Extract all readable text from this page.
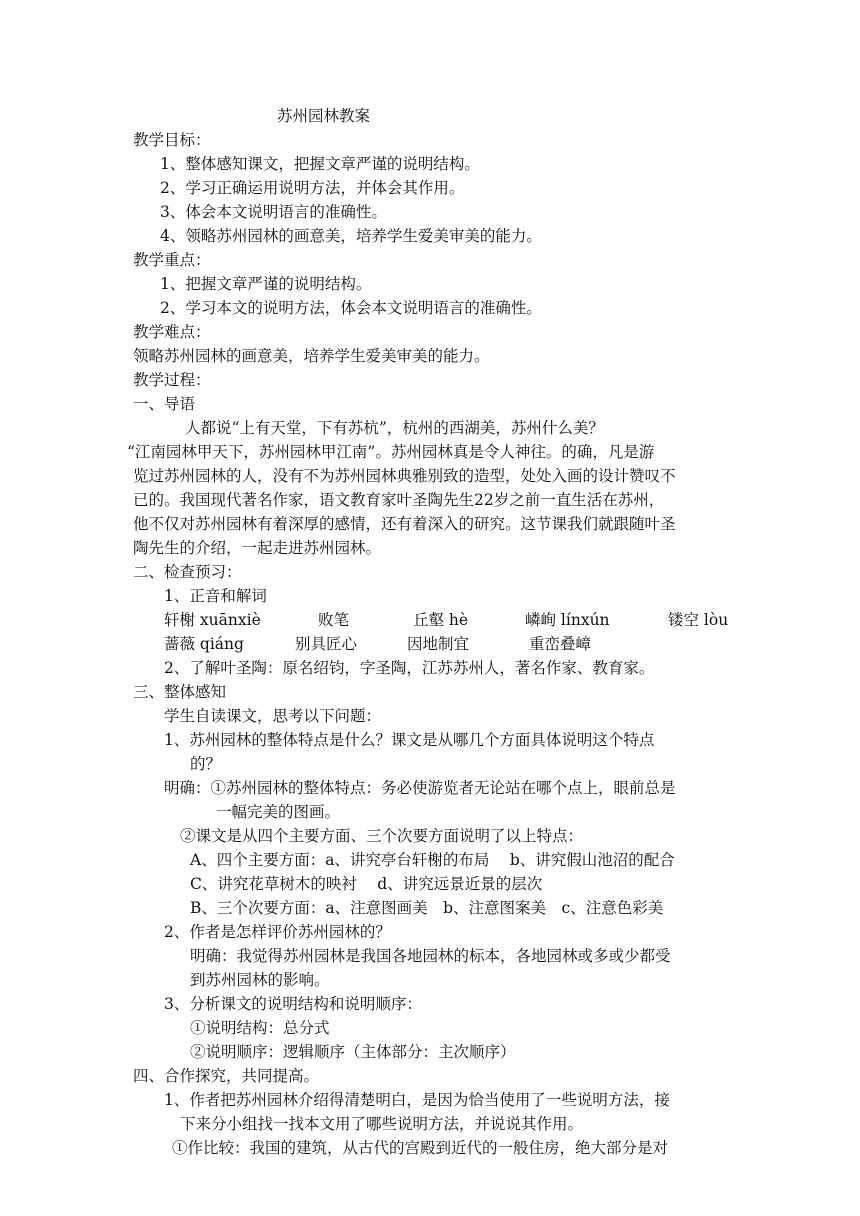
苏州园林教案
教学目标：
1、整体感知课文，把握文章严谨的说明结构。
2、学习正确运用说明方法，并体会其作用。
3、体会本文说明语言的准确性。
4、领略苏州园林的画意美，培养学生爱美审美的能力。
教学重点：
1、把握文章严谨的说明结构。
2、学习本文的说明方法，体会本文说明语言的准确性。
教学难点：
领略苏州园林的画意美，培养学生爱美审美的能力。
教学过程：
一、导语
人都说“上有天堂，下有苏杭”，杭州的西湖美，苏州什么美？
“江南园林甲天下，苏州园林甲江南”。苏州园林真是令人神往。的确，凡是游
览过苏州园林的人，没有不为苏州园林典雅别致的造型，处处入画的设计赞叹不
已的。我国现代著名作家，语文教育家叶圣陶先生22岁之前一直生活在苏州，
他不仅对苏州园林有着深厚的感情，还有着深入的研究。这节课我们就跟随叶圣
陶先生的介绍，一起走进苏州园林。
二、检查预习：
1、正音和解词
轩榭 xuānxiè	败笔	丘壑 hè	嶙峋 línxún	镂空 lòu
蔷薇 qiáng	别具匠心	因地制宜	重峦叠嶂
2、了解叶圣陶：原名绍钧，字圣陶，江苏苏州人，著名作家、教育家。
三、整体感知
学生自读课文，思考以下问题：
1、苏州园林的整体特点是什么？课文是从哪几个方面具体说明这个特点
的？
明确：①苏州园林的整体特点：务必使游览者无论站在哪个点上，眼前总是
一幅完美的图画。
②课文是从四个主要方面、三个次要方面说明了以上特点：
A、四个主要方面：a、讲究亭台轩榭的布局　 b、讲究假山池沼的配合
C、讲究花草树木的映衬　 d、讲究远景近景的层次
B、三个次要方面：a、注意图画美　b、注意图案美　c、注意色彩美
2、作者是怎样评价苏州园林的？
明确：我觉得苏州园林是我国各地园林的标本，各地园林或多或少都受
到苏州园林的影响。
3、分析课文的说明结构和说明顺序：
①说明结构：总分式
②说明顺序：逻辑顺序（主体部分：主次顺序）
四、合作探究，共同提高。
1、作者把苏州园林介绍得清楚明白，是因为恰当使用了一些说明方法，接
下来分小组找一找本文用了哪些说明方法，并说说其作用。
①作比较：我国的建筑，从古代的宫殿到近代的一般住房，绝大部分是对
